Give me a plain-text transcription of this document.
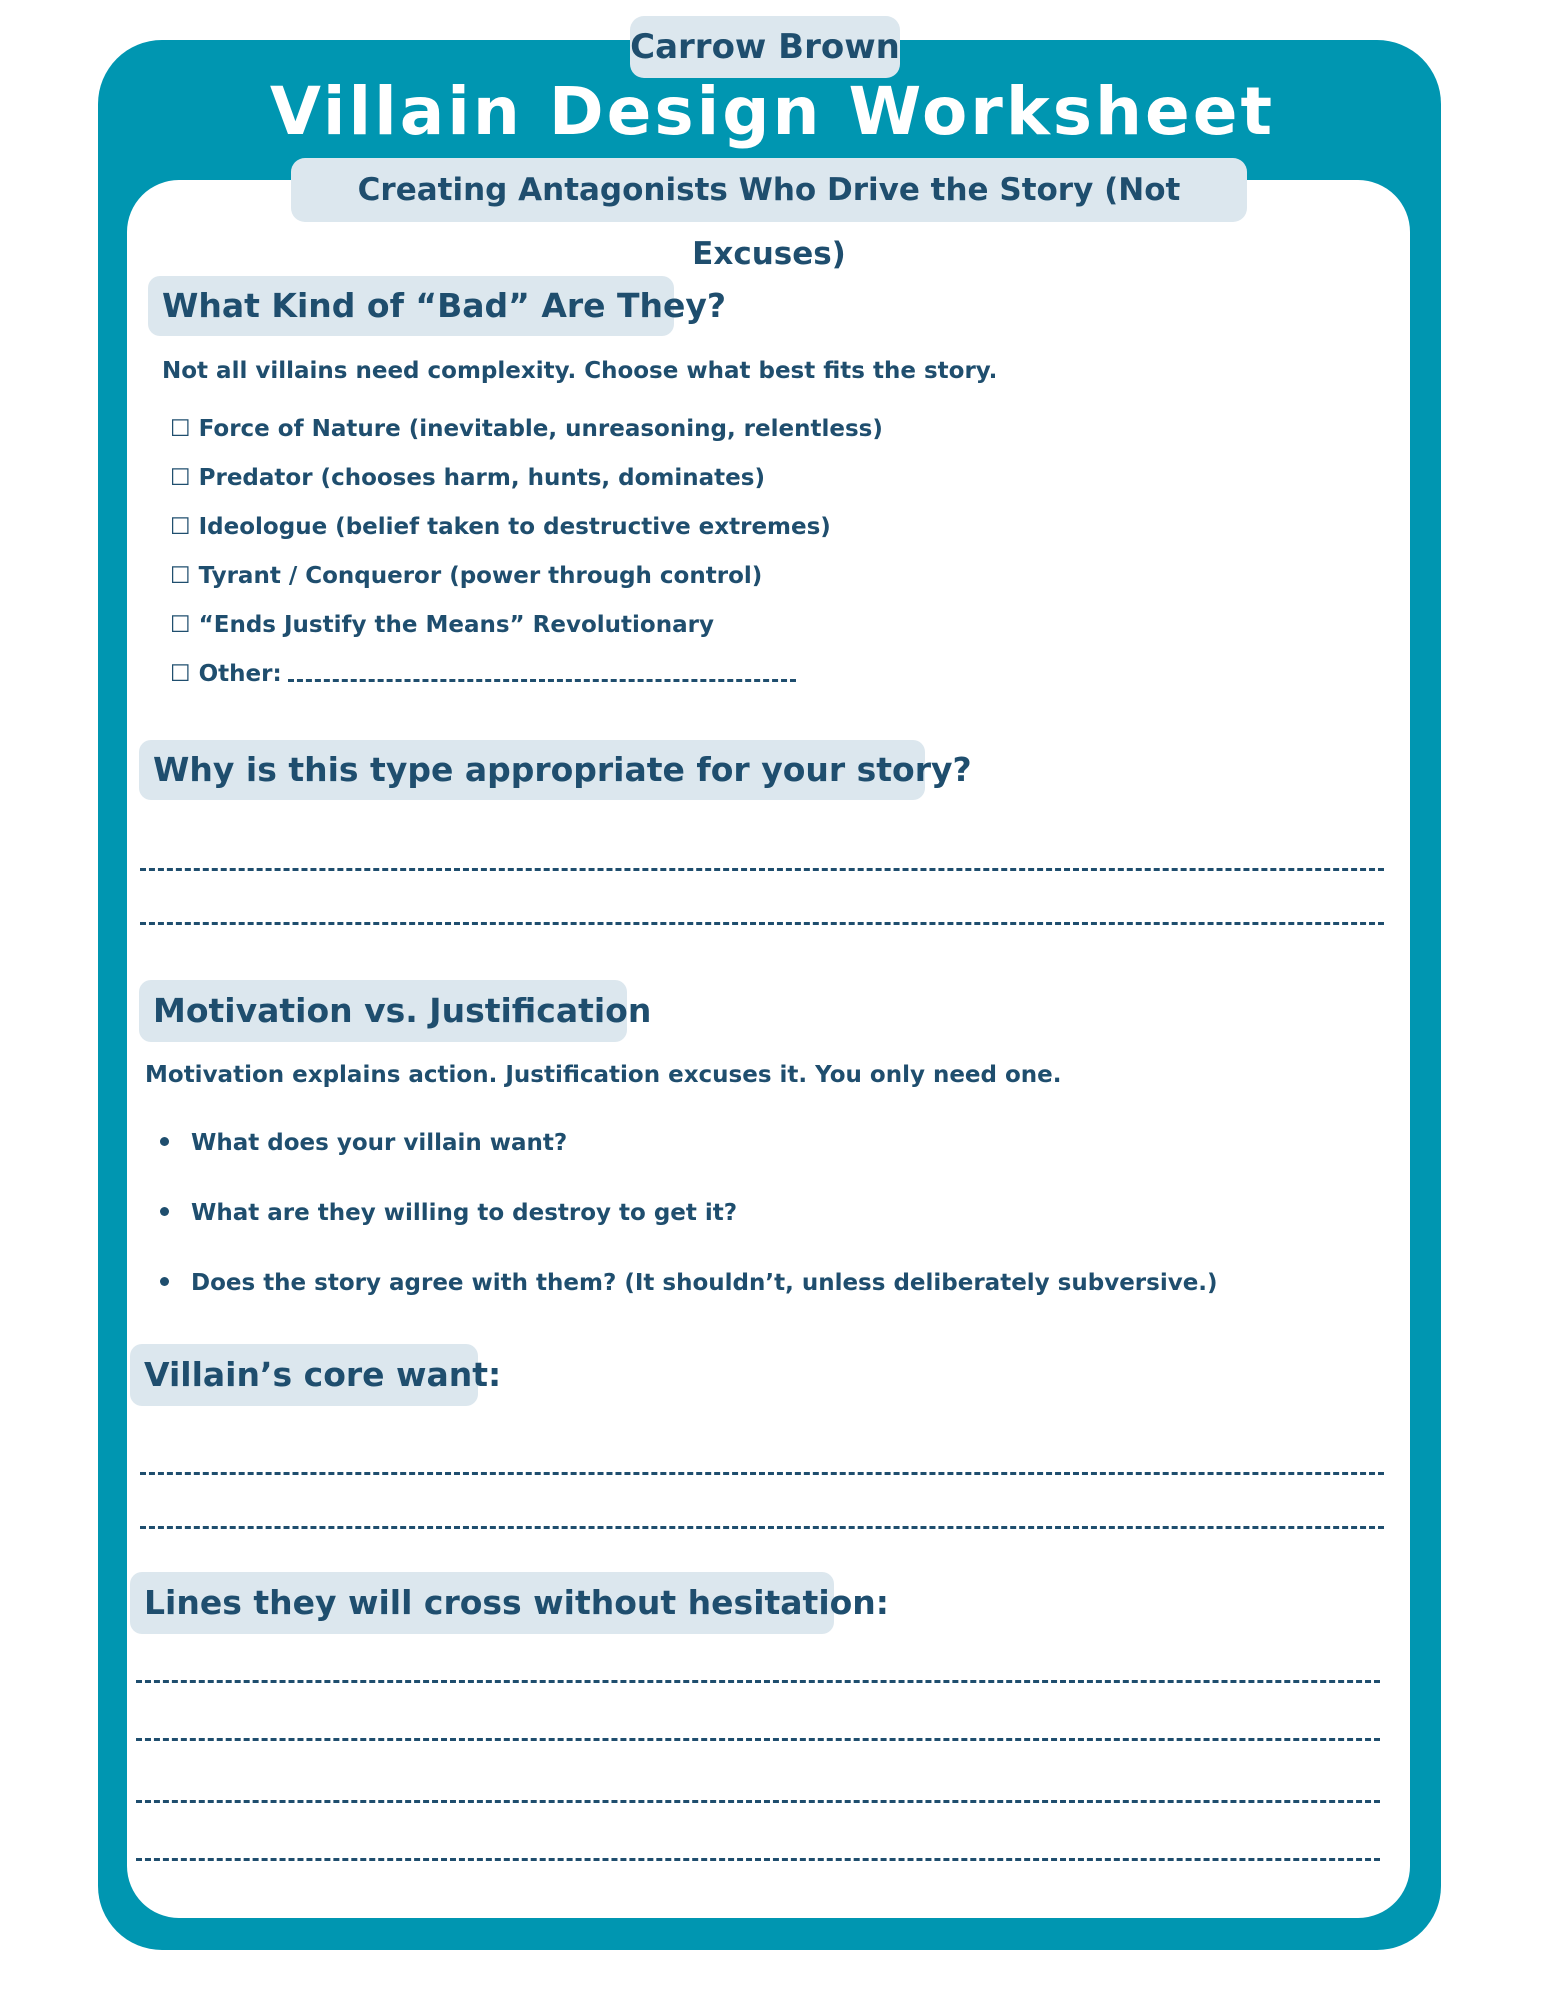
Carrow Brown
Villain Design Worksheet
Creating Antagonists Who Drive the Story (Not Excuses)
What Kind of “Bad” Are They?
Not all villains need complexity. Choose what best fits the story.
☐ Force of Nature (inevitable, unreasoning, relentless)
☐ Predator (chooses harm, hunts, dominates)
☐ Ideologue (belief taken to destructive extremes)
☐ Tyrant / Conqueror (power through control)
☐ “Ends Justify the Means” Revolutionary
☐ Other:
Why is this type appropriate for your story?
Motivation vs. Justification
Motivation explains action. Justification excuses it. You only need one.
What does your villain want?
What are they willing to destroy to get it?
Does the story agree with them? (It shouldn’t, unless deliberately subversive.)
Villain’s core want:
Lines they will cross without hesitation:
